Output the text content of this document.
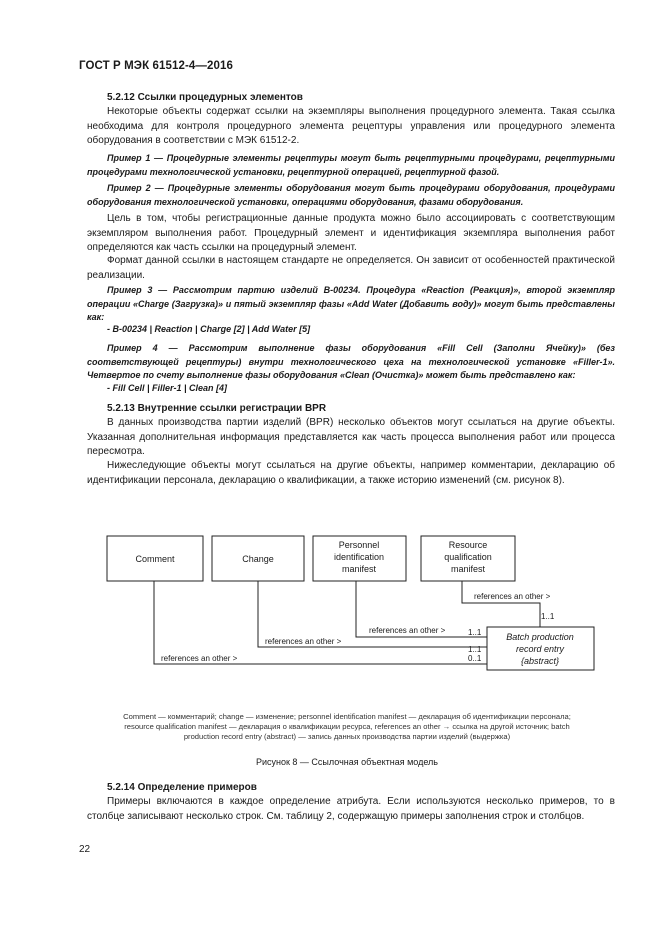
ГОСТ Р МЭК 61512-4—2016
5.2.12 Ссылки процедурных элементов

Некоторые объекты содержат ссылки на экземпляры выполнения процедурного элемента. Такая ссылка необходима для контроля процедурного элемента рецептуры управления или процедурного элемента оборудования в соответствии с МЭК 61512-2.

Пример 1 — Процедурные элементы рецептуры могут быть рецептурными процедурами, рецептурными процедурами технологической установки, рецептурной операцией, рецептурной фазой.

Пример 2 — Процедурные элементы оборудования могут быть процедурами оборудования, процедурами оборудования технологической установки, операциями оборудования, фазами оборудования.

Цель в том, чтобы регистрационные данные продукта можно было ассоциировать с соответствующим экземпляром выполнения работ. Процедурный элемент и идентификация экземпляра выполнения работ определяются как часть ссылки на процедурный элемент.

Формат данной ссылки в настоящем стандарте не определяется. Он зависит от особенностей практической реализации.

Пример 3 — Рассмотрим партию изделий B-00234. Процедура «Reaction (Реакция)», второй экземпляр операции «Charge (Загрузка)» и пятый экземпляр фазы «Add Water (Добавить воду)» могут быть представлены как:

- B-00234 | Reaction | Charge [2] | Add Water [5]

Пример 4 — Рассмотрим выполнение фазы оборудования «Fill Cell (Заполни Ячейку)» (без соответствующей рецептуры) внутри технологического цеха на технологической установке «Filler-1». Четвертое по счету выполнение фазы оборудования «Clean (Очистка)» может быть представлено как:

- Fill Cell | Filler-1 | Clean [4]
5.2.13 Внутренние ссылки регистрации BPR

В данных производства партии изделий (BPR) несколько объектов могут ссылаться на другие объекты. Указанная дополнительная информация представляется как часть процесса выполнения работ или процесса пересмотра.

Нижеследующие объекты могут ссылаться на другие объекты, например комментарии, декларацию об идентификации персонала, декларацию о квалификации, а также историю изменений (см. рисунок 8).

Comment	Change
Personnel
identification
manifest
Resource
qualification
manifest
Batch production
record entry
{abstract}
references an other >
references an other >
references an other >
references an other >
1..1
1..1
1..1
0..1

Comment — комментарий; change — изменение; personnel identification manifest — декларация об идентификации персонала;

resource qualification manifest — декларация о квалификации ресурса, references an other → ссылка на другой источник; batch

production record entry (abstract) — запись данных производства партии изделий (выдержка)

Рисунок 8 — Ссылочная объектная модель
5.2.14 Определение примеров

Примеры включаются в каждое определение атрибута. Если используются несколько примеров, то в столбце записывают несколько строк. См. таблицу 2, содержащую примеры заполнения строк и столбцов.

22
